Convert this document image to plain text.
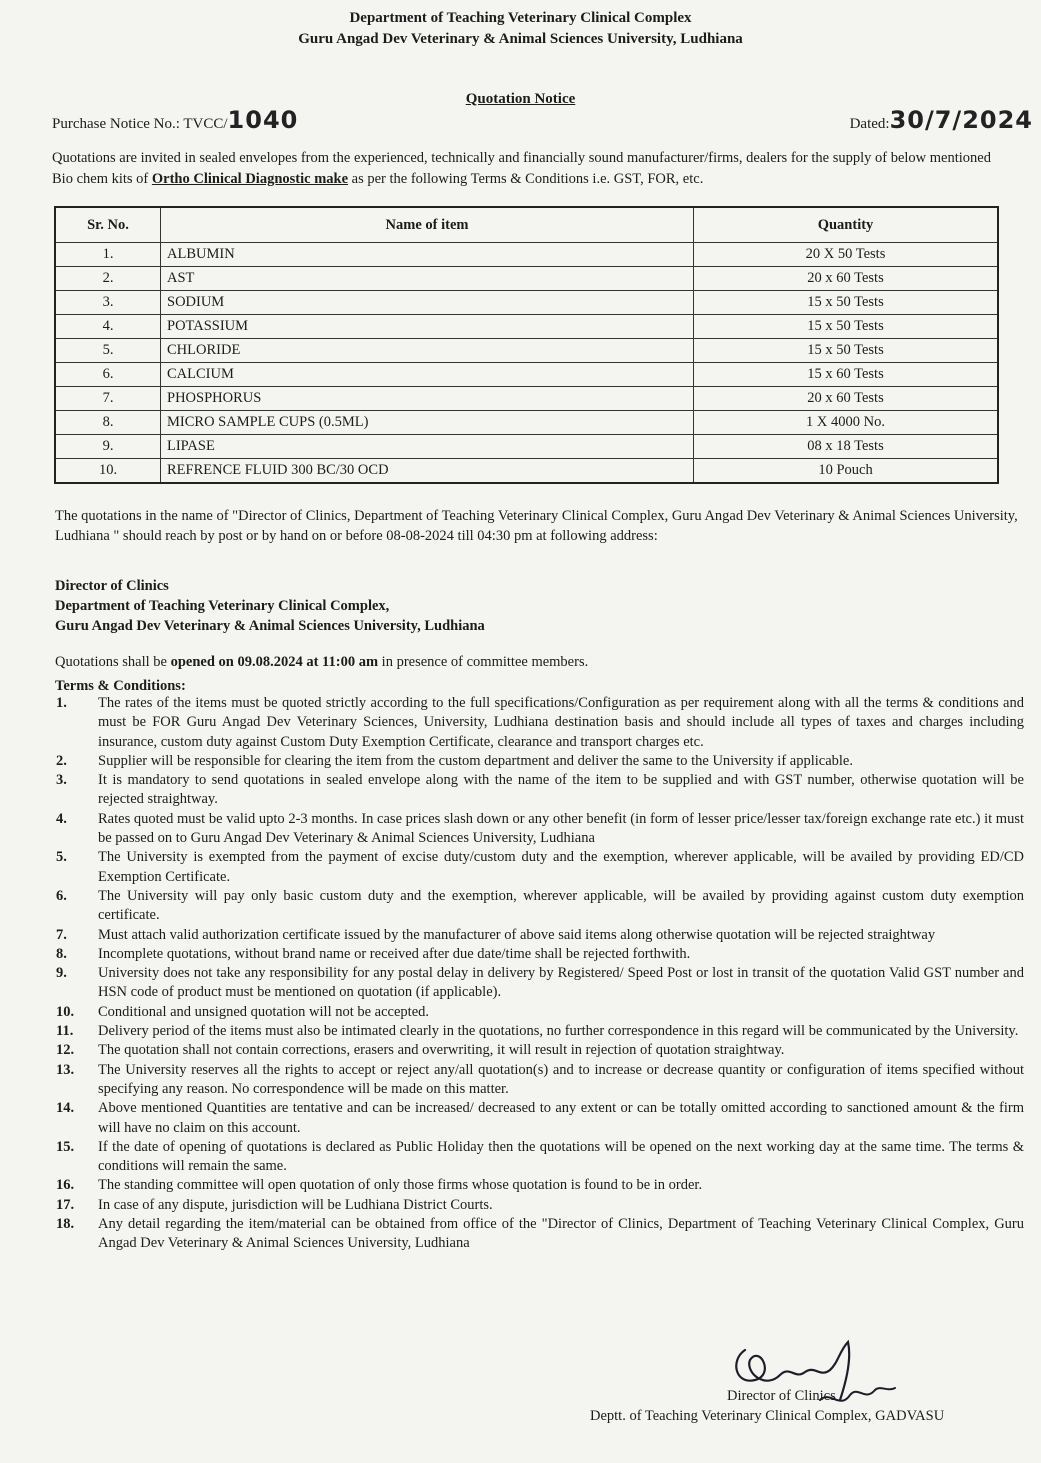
Department of Teaching Veterinary Clinical Complex
Guru Angad Dev Veterinary & Animal Sciences University, Ludhiana
Quotation Notice
Purchase Notice No.: TVCC/1040	Dated:30/7/2024
Quotations are invited in sealed envelopes from the experienced, technically and financially sound manufacturer/firms, dealers for the supply of below mentioned Bio chem kits of Ortho Clinical Diagnostic make as per the following Terms & Conditions i.e. GST, FOR, etc.
Sr. No.	Name of item	Quantity
1.	ALBUMIN	20 X 50 Tests
2.	AST	20 x 60 Tests
3.	SODIUM	15 x 50 Tests
4.	POTASSIUM	15 x 50 Tests
5.	CHLORIDE	15 x 50 Tests
6.	CALCIUM	15 x 60 Tests
7.	PHOSPHORUS	20 x 60 Tests
8.	MICRO SAMPLE CUPS (0.5ML)	1 X 4000 No.
9.	LIPASE	08 x 18 Tests
10.	REFRENCE FLUID 300 BC/30 OCD	10 Pouch
The quotations in the name of "Director of Clinics, Department of Teaching Veterinary Clinical Complex, Guru Angad Dev Veterinary & Animal Sciences University, Ludhiana " should reach by post or by hand on or before 08-08-2024 till 04:30 pm at following address:
Director of Clinics
Department of Teaching Veterinary Clinical Complex,
Guru Angad Dev Veterinary & Animal Sciences University, Ludhiana
Quotations shall be opened on 09.08.2024 at 11:00 am in presence of committee members.
Terms & Conditions:
1.	The rates of the items must be quoted strictly according to the full specifications/Configuration as per requirement along with all the terms & conditions and must be FOR Guru Angad Dev Veterinary Sciences, University, Ludhiana destination basis and should include all types of taxes and charges including insurance, custom duty against Custom Duty Exemption Certificate, clearance and transport charges etc.
2.	Supplier will be responsible for clearing the item from the custom department and deliver the same to the University if applicable.
3.	It is mandatory to send quotations in sealed envelope along with the name of the item to be supplied and with GST number, otherwise quotation will be rejected straightway.
4.	Rates quoted must be valid upto 2-3 months. In case prices slash down or any other benefit (in form of lesser price/lesser tax/foreign exchange rate etc.) it must be passed on to Guru Angad Dev Veterinary & Animal Sciences University, Ludhiana
5.	The University is exempted from the payment of excise duty/custom duty and the exemption, wherever applicable, will be availed by providing ED/CD Exemption Certificate.
6.	The University will pay only basic custom duty and the exemption, wherever applicable, will be availed by providing against custom duty exemption certificate.
7.	Must attach valid authorization certificate issued by the manufacturer of above said items along otherwise quotation will be rejected straightway
8.	Incomplete quotations, without brand name or received after due date/time shall be rejected forthwith.
9.	University does not take any responsibility for any postal delay in delivery by Registered/ Speed Post or lost in transit of the quotation Valid GST number and HSN code of product must be mentioned on quotation (if applicable).
10.	Conditional and unsigned quotation will not be accepted.
11.	Delivery period of the items must also be intimated clearly in the quotations, no further correspondence in this regard will be communicated by the University.
12.	The quotation shall not contain corrections, erasers and overwriting, it will result in rejection of quotation straightway.
13.	The University reserves all the rights to accept or reject any/all quotation(s) and to increase or decrease quantity or configuration of items specified without specifying any reason. No correspondence will be made on this matter.
14.	Above mentioned Quantities are tentative and can be increased/ decreased to any extent or can be totally omitted according to sanctioned amount & the firm will have no claim on this account.
15.	If the date of opening of quotations is declared as Public Holiday then the quotations will be opened on the next working day at the same time. The terms & conditions will remain the same.
16.	The standing committee will open quotation of only those firms whose quotation is found to be in order.
17.	In case of any dispute, jurisdiction will be Ludhiana District Courts.
18.	Any detail regarding the item/material can be obtained from office of the "Director of Clinics, Department of Teaching Veterinary Clinical Complex, Guru Angad Dev Veterinary & Animal Sciences University, Ludhiana
Director of Clinics
Deptt. of Teaching Veterinary Clinical Complex, GADVASU
